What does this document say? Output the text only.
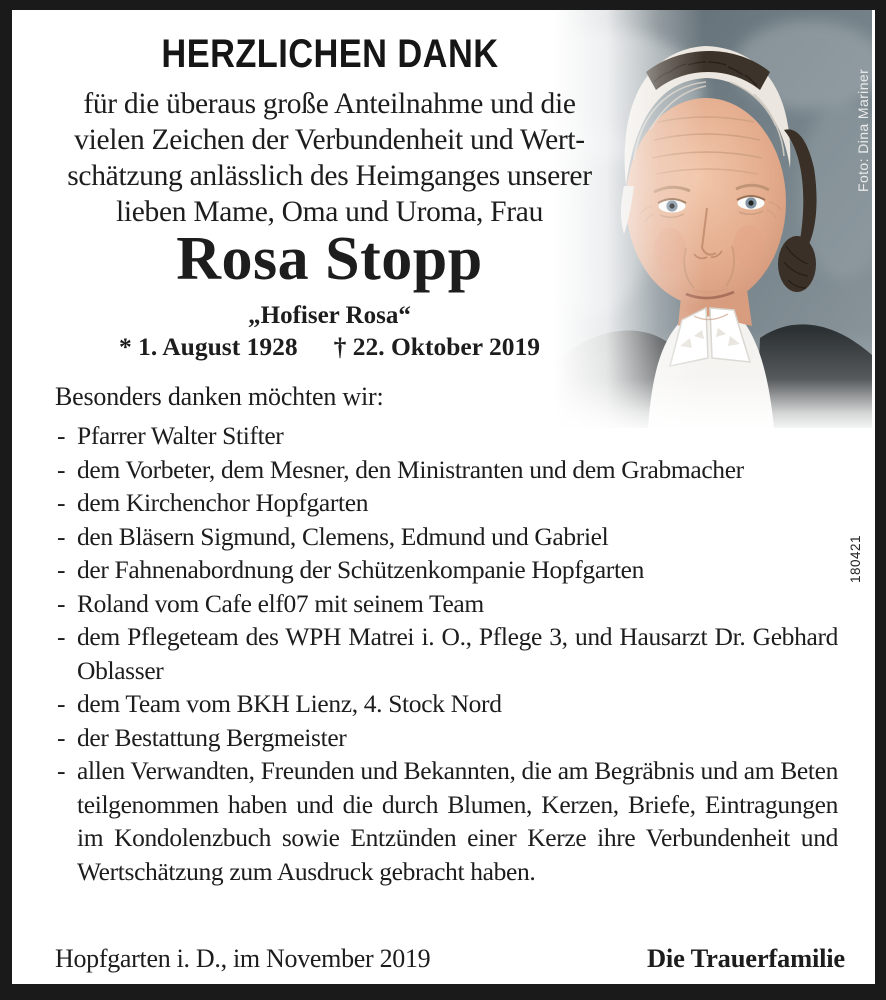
Foto: Dina Mariner
180421
HERZLICHEN DANK
für die überaus große Anteilnahme und die
vielen Zeichen der Verbundenheit und Wert-
schätzung anlässlich des Heimganges unserer
lieben Mame, Oma und Uroma, Frau
Rosa Stopp
„Hofiser Rosa“
* 1. August 1928 † 22. Oktober 2019
Besonders danken möchten wir:
- Pfarrer Walter Stifter
- dem Vorbeter, dem Mesner, den Ministranten und dem Grabmacher
- dem Kirchenchor Hopfgarten
- den Bläsern Sigmund, Clemens, Edmund und Gabriel
- der Fahnenabordnung der Schützenkompanie Hopfgarten
- Roland vom Cafe elf07 mit seinem Team
- dem Pflegeteam des WPH Matrei i. O., Pflege 3, und Hausarzt Dr. Gebhard Oblasser
- dem Team vom BKH Lienz, 4. Stock Nord
- der Bestattung Bergmeister
- allen Verwandten, Freunden und Bekannten, die am Begräbnis und am Beten teilgenommen haben und die durch Blumen, Kerzen, Briefe, Eintragungen im Kondolenzbuch sowie Entzünden einer Kerze ihre Verbundenheit und Wertschätzung zum Ausdruck gebracht haben.
Hopfgarten i. D., im November 2019	Die Trauerfamilie
